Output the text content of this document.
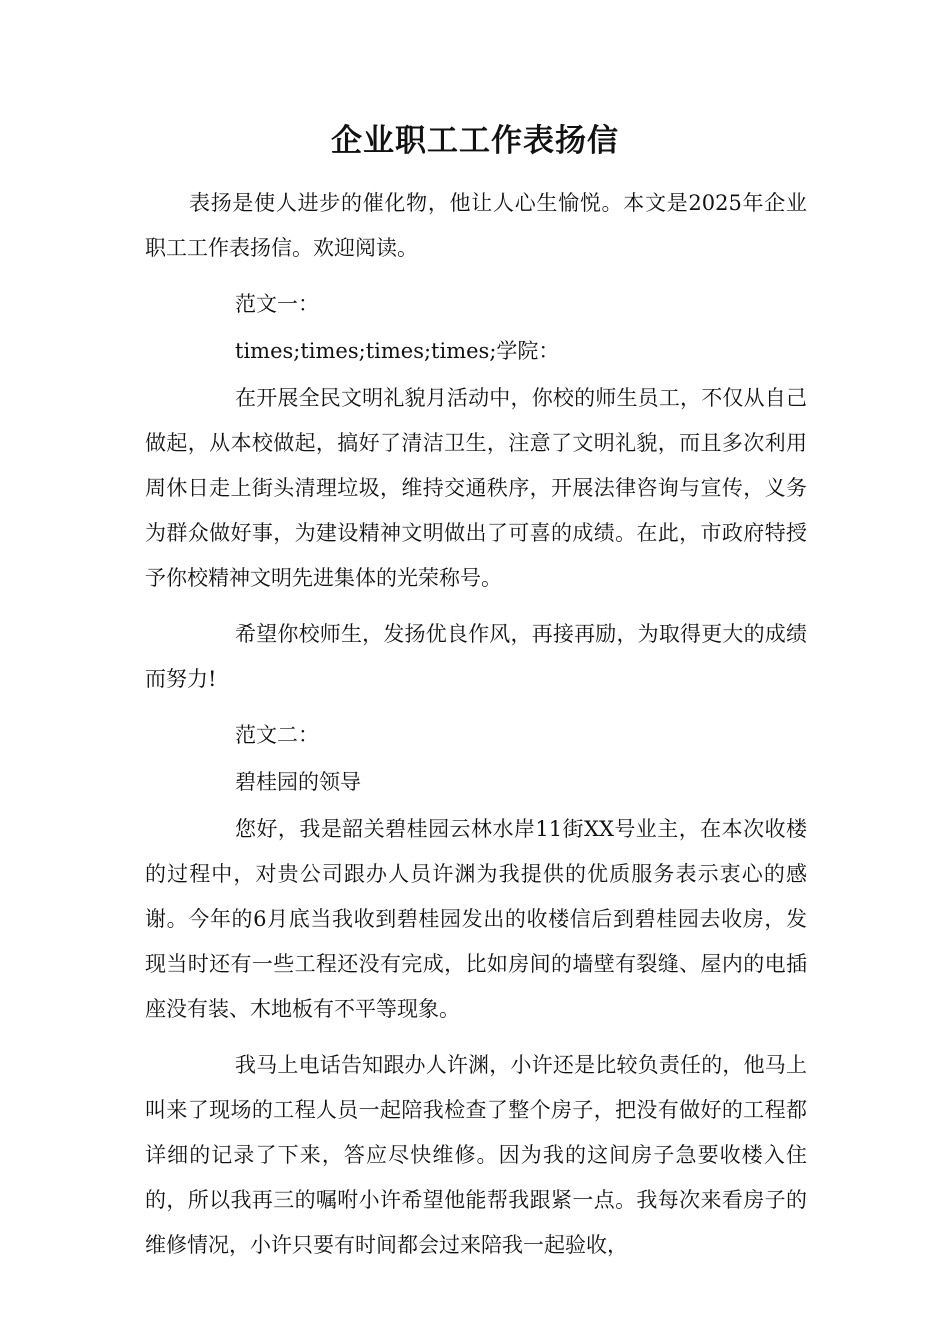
企业职工工作表扬信

表扬是使人进步的催化物，他让人心生愉悦。本文是2025年企业职工工作表扬信。欢迎阅读。

范文一：

times;times;times;times;学院：

在开展全民文明礼貌月活动中，你校的师生员工，不仅从自己做起，从本校做起，搞好了清洁卫生，注意了文明礼貌，而且多次利用周休日走上街头清理垃圾，维持交通秩序，开展法律咨询与宣传，义务为群众做好事，为建设精神文明做出了可喜的成绩。在此，市政府特授予你校精神文明先进集体的光荣称号。

希望你校师生，发扬优良作风，再接再励，为取得更大的成绩而努力!

范文二：

碧桂园的领导

您好，我是韶关碧桂园云林水岸11街XX号业主，在本次收楼的过程中，对贵公司跟办人员许渊为我提供的优质服务表示衷心的感谢。今年的6月底当我收到碧桂园发出的收楼信后到碧桂园去收房，发现当时还有一些工程还没有完成，比如房间的墙壁有裂缝、屋内的电插座没有装、木地板有不平等现象。

我马上电话告知跟办人许渊，小许还是比较负责任的，他马上叫来了现场的工程人员一起陪我检查了整个房子，把没有做好的工程都详细的记录了下来，答应尽快维修。因为我的这间房子急要收楼入住的，所以我再三的嘱咐小许希望他能帮我跟紧一点。我每次来看房子的维修情况，小许只要有时间都会过来陪我一起验收，
